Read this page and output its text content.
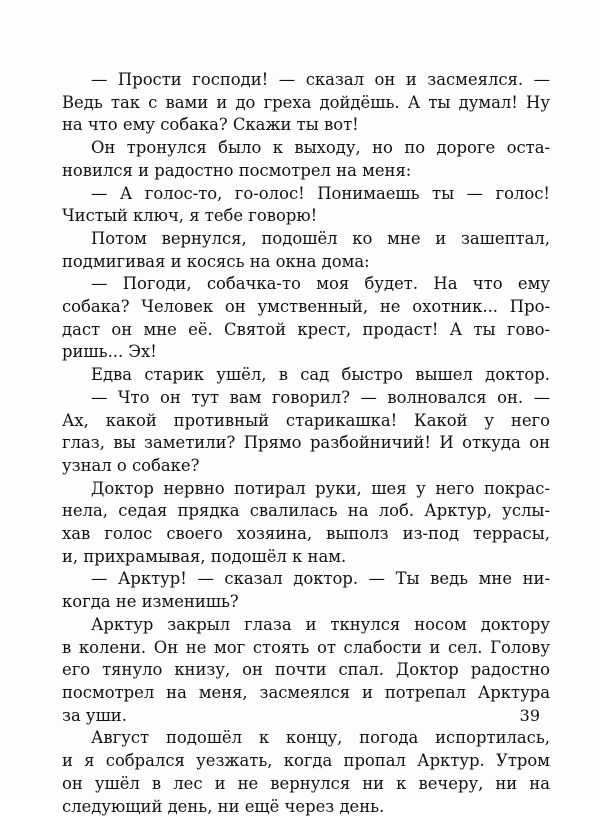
— Прости господи! — сказал он и засмеялся. —
Ведь так с вами и до греха дойдёшь. А ты думал! Ну
на что ему собака? Скажи ты вот!
Он тронулся было к выходу, но по дороге оста-
новился и радостно посмотрел на меня:
— А голос-то, го-олос! Понимаешь ты — голос!
Чистый ключ, я тебе говорю!
Потом вернулся, подошёл ко мне и зашептал,
подмигивая и косясь на окна дома:
— Погоди, собачка-то моя будет. На что ему
собака? Человек он умственный, не охотник... Про-
даст он мне её. Святой крест, продаст! А ты гово-
ришь... Эх!
Едва старик ушёл, в сад быстро вышел доктор.
— Что он тут вам говорил? — волновался он. —
Ах, какой противный старикашка! Какой у него
глаз, вы заметили? Прямо разбойничий! И откуда он
узнал о собаке?
Доктор нервно потирал руки, шея у него покрас-
нела, седая прядка свалилась на лоб. Арктур, услы-
хав голос своего хозяина, выполз из-под террасы,
и, прихрамывая, подошёл к нам.
— Арктур! — сказал доктор. — Ты ведь мне ни-
когда не изменишь?
Арктур закрыл глаза и ткнулся носом доктору
в колени. Он не мог стоять от слабости и сел. Голову
его тянуло книзу, он почти спал. Доктор радостно
посмотрел на меня, засмеялся и потрепал Арктура
за уши.
Август подошёл к концу, погода испортилась,
и я собрался уезжать, когда пропал Арктур. Утром
он ушёл в лес и не вернулся ни к вечеру, ни на
следующий день, ни ещё через день.
39
